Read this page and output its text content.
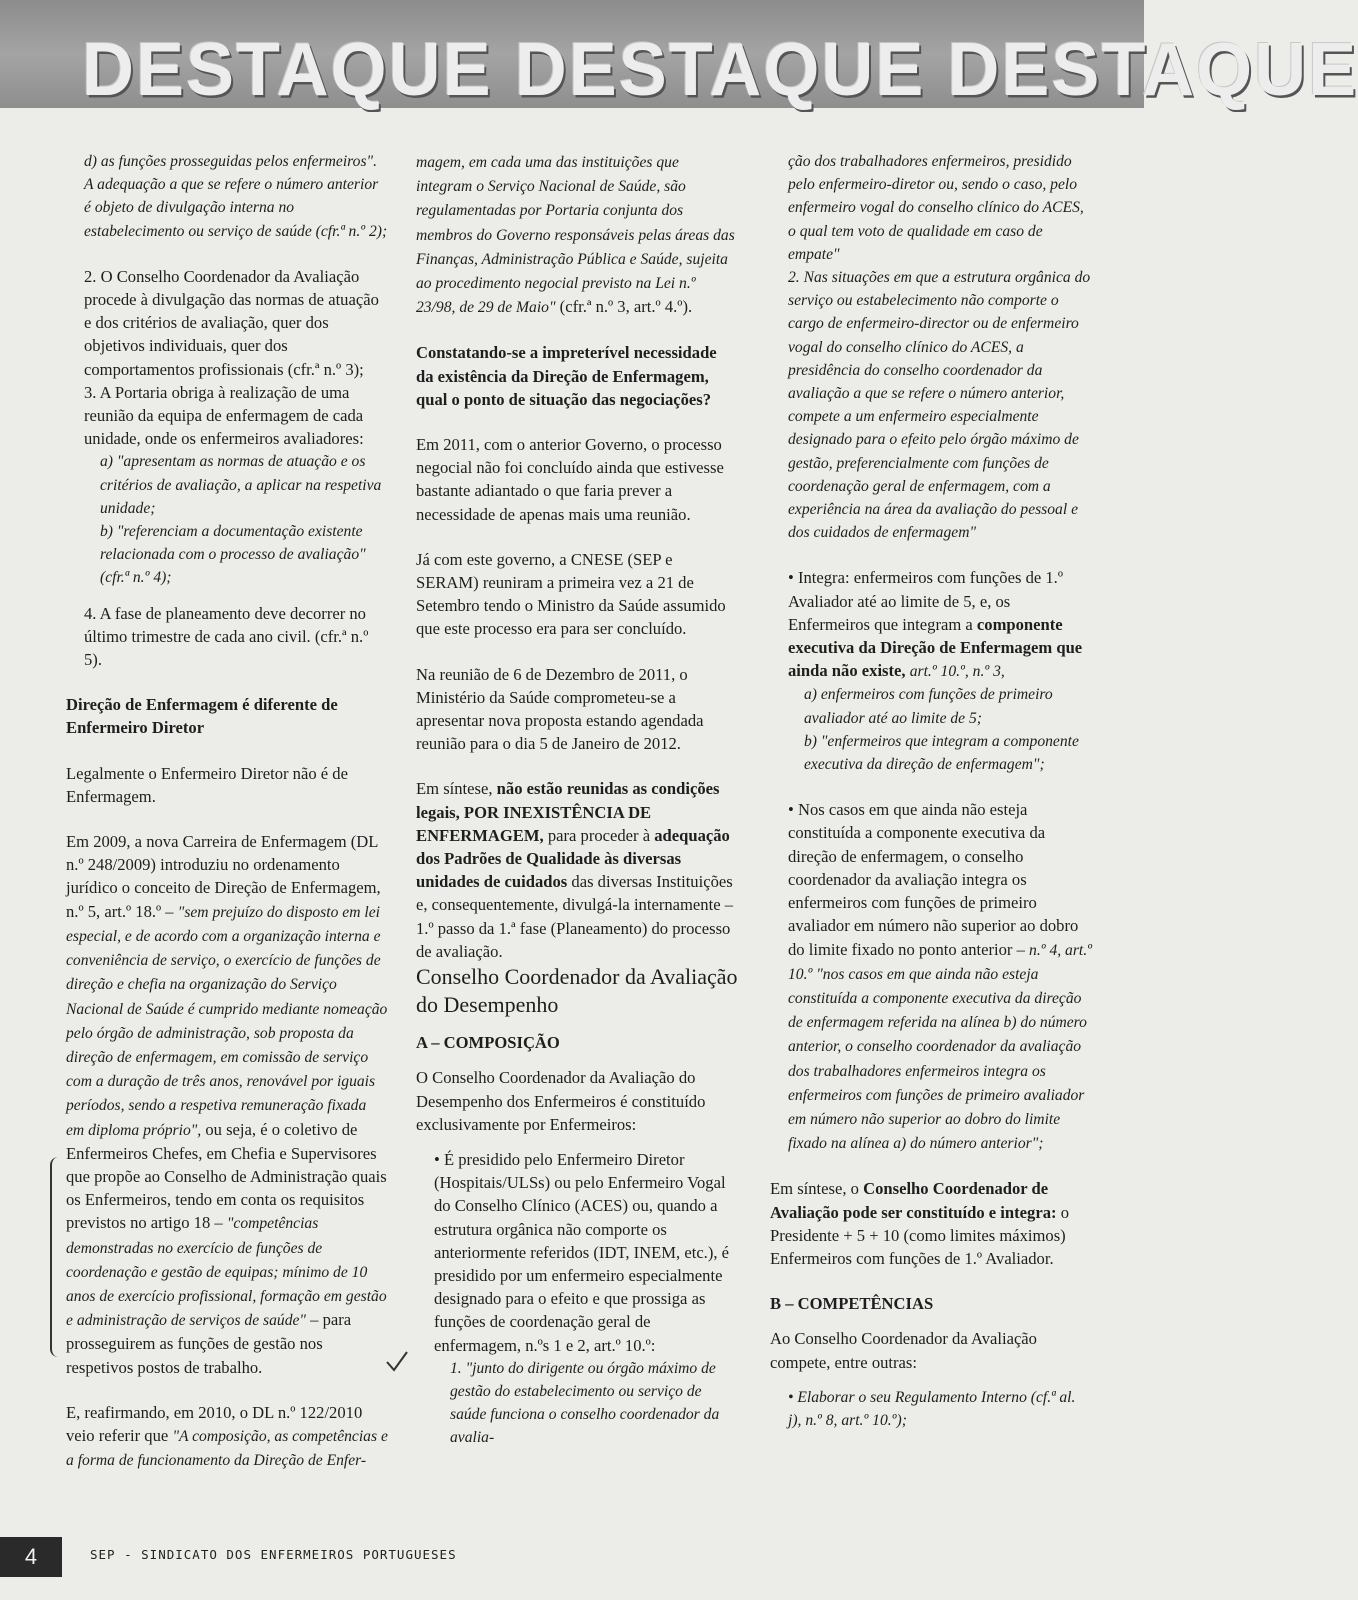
DESTAQUE DESTAQUE DESTAQUE

d) as funções prosseguidas pelos enfermeiros". A adequação a que se refere o número anterior é objeto de divulgação interna no estabelecimento ou serviço de saúde (cfr.ª n.º 2);

2. O Conselho Coordenador da Avaliação procede à divulgação das normas de atuação e dos critérios de avaliação, quer dos objetivos individuais, quer dos comportamentos profissionais (cfr.ª n.º 3);

3. A Portaria obriga à realização de uma reunião da equipa de enfermagem de cada unidade, onde os enfermeiros avaliadores:

a) "apresentam as normas de atuação e os critérios de avaliação, a aplicar na respetiva unidade;

b) "referenciam a documentação existente relacionada com o processo de avaliação" (cfr.ª n.º 4);

4. A fase de planeamento deve decorrer no último trimestre de cada ano civil. (cfr.ª n.º 5).

Direção de Enfermagem é diferente de Enfermeiro Diretor

Legalmente o Enfermeiro Diretor não é de Enfermagem.

Em 2009, a nova Carreira de Enfermagem (DL n.º 248/2009) introduziu no ordenamento jurídico o conceito de Direção de Enfermagem, n.º 5, art.º 18.º – "sem prejuízo do disposto em lei especial, e de acordo com a organização interna e conveniência de serviço, o exercício de funções de direção e chefia na organização do Serviço Nacional de Saúde é cumprido mediante nomeação pelo órgão de administração, sob proposta da direção de enfermagem, em comissão de serviço com a duração de três anos, renovável por iguais períodos, sendo a respetiva remuneração fixada em diploma próprio", ou seja, é o coletivo de Enfermeiros Chefes, em Chefia e Supervisores que propõe ao Conselho de Administração quais os Enfermeiros, tendo em conta os requisitos previstos no artigo 18 – "competências demonstradas no exercício de funções de coordenação e gestão de equipas; mínimo de 10 anos de exercício profissional, formação em gestão e administração de serviços de saúde" – para prosseguirem as funções de gestão nos respetivos postos de trabalho.

E, reafirmando, em 2010, o DL n.º 122/2010 veio referir que "A composição, as competências e a forma de funcionamento da Direção de Enfer-

magem, em cada uma das instituições que integram o Serviço Nacional de Saúde, são regulamentadas por Portaria conjunta dos membros do Governo responsáveis pelas áreas das Finanças, Administração Pública e Saúde, sujeita ao procedimento negocial previsto na Lei n.º 23/98, de 29 de Maio" (cfr.ª n.º 3, art.º 4.º).

Constatando-se a impreterível necessidade da existência da Direção de Enfermagem, qual o ponto de situação das negociações?

Em 2011, com o anterior Governo, o processo negocial não foi concluído ainda que estivesse bastante adiantado o que faria prever a necessidade de apenas mais uma reunião.

Já com este governo, a CNESE (SEP e SERAM) reuniram a primeira vez a 21 de Setembro tendo o Ministro da Saúde assumido que este processo era para ser concluído.

Na reunião de 6 de Dezembro de 2011, o Ministério da Saúde comprometeu-se a apresentar nova proposta estando agendada reunião para o dia 5 de Janeiro de 2012.

Em síntese, não estão reunidas as condições legais, POR INEXISTÊNCIA DE ENFERMAGEM, para proceder à adequação dos Padrões de Qualidade às diversas unidades de cuidados das diversas Instituições e, consequentemente, divulgá-la internamente – 1.º passo da 1.ª fase (Planeamento) do processo de avaliação.

Conselho Coordenador da Avaliação do Desempenho

A – COMPOSIÇÃO

O Conselho Coordenador da Avaliação do Desempenho dos Enfermeiros é constituído exclusivamente por Enfermeiros:

• É presidido pelo Enfermeiro Diretor (Hospitais/ULSs) ou pelo Enfermeiro Vogal do Conselho Clínico (ACES) ou, quando a estrutura orgânica não comporte os anteriormente referidos (IDT, INEM, etc.), é presidido por um enfermeiro especialmente designado para o efeito e que prossiga as funções de coordenação geral de enfermagem, n.ºs 1 e 2, art.º 10.º:

1. "junto do dirigente ou órgão máximo de gestão do estabelecimento ou serviço de saúde funciona o conselho coordenador da avalia-

ção dos trabalhadores enfermeiros, presidido pelo enfermeiro-diretor ou, sendo o caso, pelo enfermeiro vogal do conselho clínico do ACES, o qual tem voto de qualidade em caso de empate"

2. Nas situações em que a estrutura orgânica do serviço ou estabelecimento não comporte o cargo de enfermeiro-director ou de enfermeiro vogal do conselho clínico do ACES, a presidência do conselho coordenador da avaliação a que se refere o número anterior, compete a um enfermeiro especialmente designado para o efeito pelo órgão máximo de gestão, preferencialmente com funções de coordenação geral de enfermagem, com a experiência na área da avaliação do pessoal e dos cuidados de enfermagem"

• Integra: enfermeiros com funções de 1.º Avaliador até ao limite de 5, e, os Enfermeiros que integram a componente executiva da Direção de Enfermagem que ainda não existe, art.º 10.º, n.º 3,

a) enfermeiros com funções de primeiro avaliador até ao limite de 5;

b) "enfermeiros que integram a componente executiva da direção de enfermagem";

• Nos casos em que ainda não esteja constituída a componente executiva da direção de enfermagem, o conselho coordenador da avaliação integra os enfermeiros com funções de primeiro avaliador em número não superior ao dobro do limite fixado no ponto anterior – n.º 4, art.º 10.º "nos casos em que ainda não esteja constituída a componente executiva da direção de enfermagem referida na alínea b) do número anterior, o conselho coordenador da avaliação dos trabalhadores enfermeiros integra os enfermeiros com funções de primeiro avaliador em número não superior ao dobro do limite fixado na alínea a) do número anterior";

Em síntese, o Conselho Coordenador de Avaliação pode ser constituído e integra: o Presidente + 5 + 10 (como limites máximos) Enfermeiros com funções de 1.º Avaliador.

B – COMPETÊNCIAS

Ao Conselho Coordenador da Avaliação compete, entre outras:

• Elaborar o seu Regulamento Interno (cf.ª al. j), n.º 8, art.º 10.º);

4	SEP - SINDICATO DOS ENFERMEIROS PORTUGUESES
